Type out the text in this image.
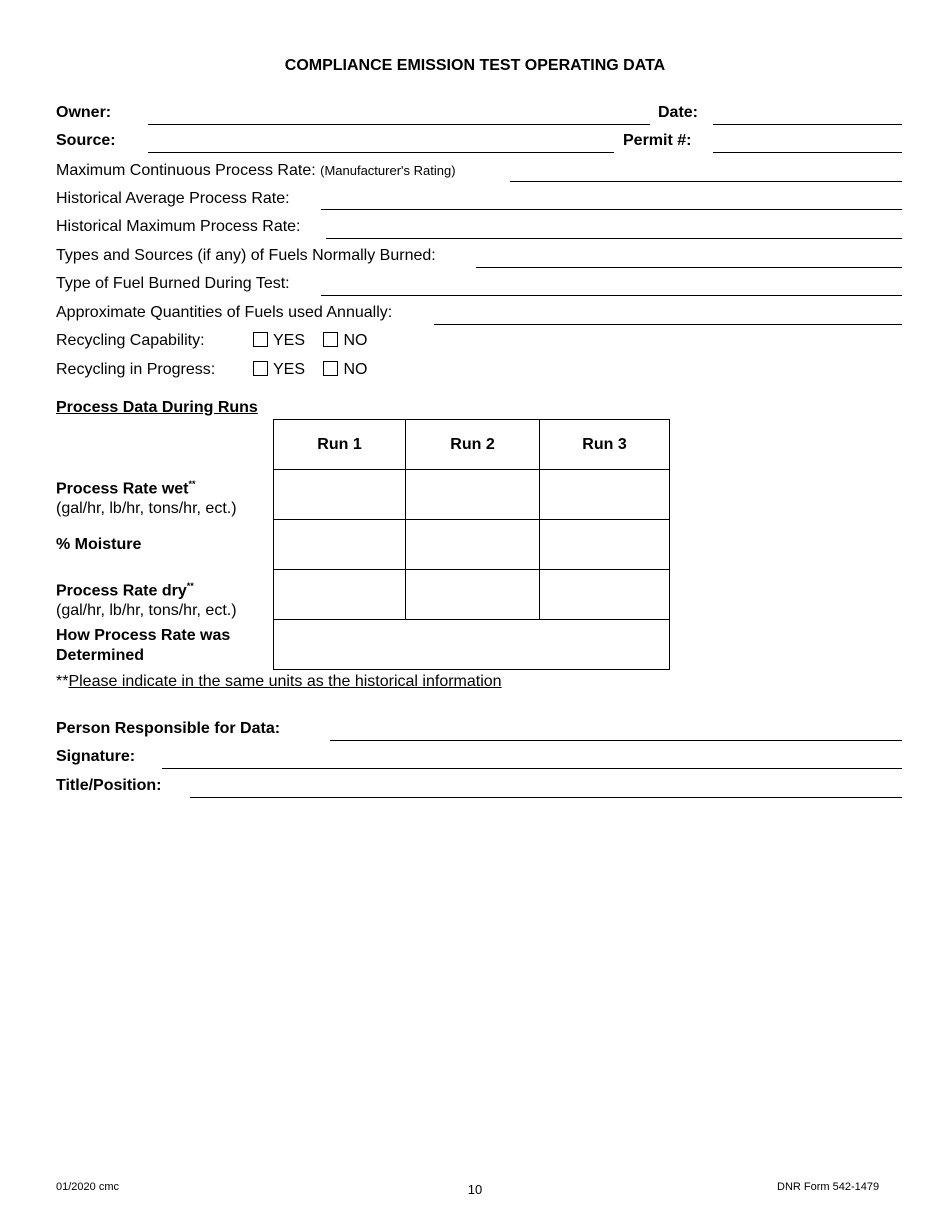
COMPLIANCE EMISSION TEST OPERATING DATA
Owner:	Date:
Source:	Permit #:
Maximum Continuous Process Rate: (Manufacturer's Rating)
Historical Average Process Rate:
Historical Maximum Process Rate:
Types and Sources (if any) of Fuels Normally Burned:
Type of Fuel Burned During Test:
Approximate Quantities of Fuels used Annually:
Recycling Capability:	YES NO
Recycling in Progress:	YES NO
Process Data During Runs
Run 1	Run 2	Run 3

Process Rate wet**
(gal/hr, lb/hr, tons/hr, ect.)
% Moisture
Process Rate dry**
(gal/hr, lb/hr, tons/hr, ect.)
How Process Rate was
Determined
**Please indicate in the same units as the historical information
Person Responsible for Data:
Signature:
Title/Position:
01/2020 cmc	10	DNR Form 542-1479
